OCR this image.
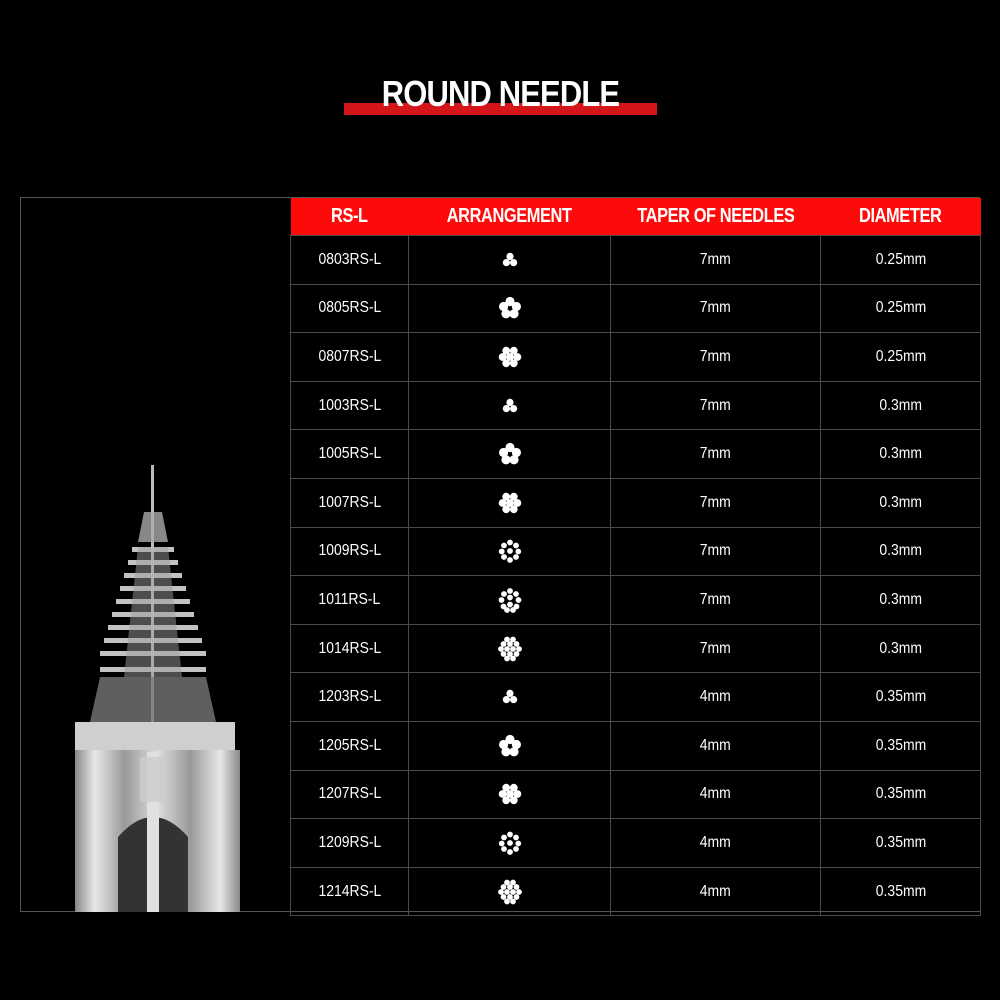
ROUND NEEDLE
RS-L	ARRANGEMENT	TAPER OF NEEDLES	DIAMETER
0803RS-L		7mm	0.25mm
0805RS-L		7mm	0.25mm
0807RS-L		7mm	0.25mm
1003RS-L		7mm	0.3mm
1005RS-L		7mm	0.3mm
1007RS-L		7mm	0.3mm
1009RS-L		7mm	0.3mm
1011RS-L		7mm	0.3mm
1014RS-L		7mm	0.3mm
1203RS-L		4mm	0.35mm
1205RS-L		4mm	0.35mm
1207RS-L		4mm	0.35mm
1209RS-L		4mm	0.35mm
1214RS-L		4mm	0.35mm
